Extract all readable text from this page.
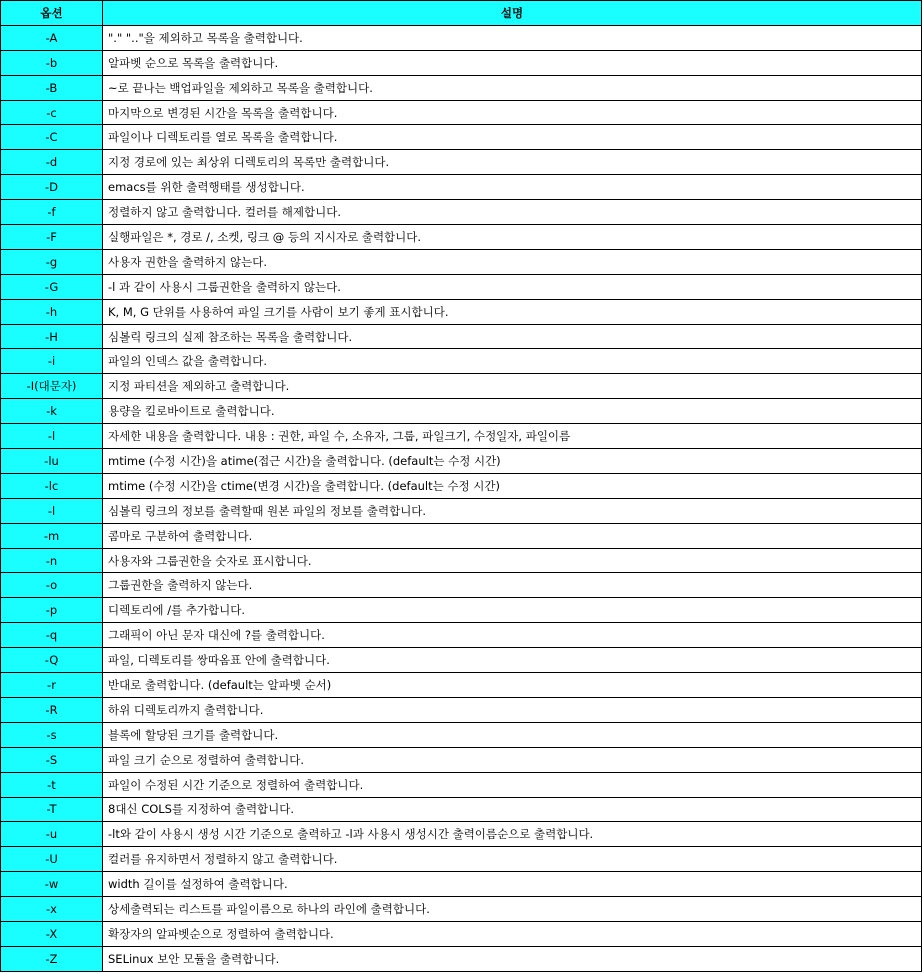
옵션	설명
-A	"." ".."을 제외하고 목록을 출력합니다.
-b	알파벳 순으로 목록을 출력합니다.
-B	~로 끝나는 백업파일을 제외하고 목록을 출력합니다.
-c	마지막으로 변경된 시간을 목록을 출력합니다.
-C	파일이나 디렉토리를 열로 목록을 출력합니다.
-d	지정 경로에 있는 최상위 디렉토리의 목록만 출력합니다.
-D	emacs를 위한 출력행태를 생성합니다.
-f	정렬하지 않고 출력합니다. 컬러를 해제합니다.
-F	실행파일은 *, 경로 /, 소켓, 링크 @ 등의 지시자로 출력합니다.
-g	사용자 권한을 출력하지 않는다.
-G	-l 과 같이 사용시 그룹권한을 출력하지 않는다.
-h	K, M, G 단위를 사용하여 파일 크기를 사람이 보기 좋게 표시합니다.
-H	심볼릭 링크의 실제 참조하는 목록을 출력합니다.
-i	파일의 인덱스 값을 출력합니다.
-I(대문자)	지정 파티션을 제외하고 출력합니다.
-k	용량을 킬로바이트로 출력합니다.
-l	자세한 내용을 출력합니다. 내용 : 권한, 파일 수, 소유자, 그룹, 파일크기, 수정일자, 파일이름
-lu	mtime (수정 시간)을 atime(접근 시간)을 출력합니다. (default는 수정 시간)
-lc	mtime (수정 시간)을 ctime(변경 시간)을 출력합니다. (default는 수정 시간)
-l	심볼릭 링크의 정보를 출력할때 원본 파일의 정보를 출력합니다.
-m	콤마로 구분하여 출력합니다.
-n	사용자와 그룹권한을 숫자로 표시합니다.
-o	그룹권한을 출력하지 않는다.
-p	디렉토리에 /를 추가합니다.
-q	그래픽이 아닌 문자 대신에 ?를 출력합니다.
-Q	파일, 디렉토리를 쌍따옴표 안에 출력합니다.
-r	반대로 출력합니다. (default는 알파벳 순서)
-R	하위 디렉토리까지 출력합니다.
-s	블록에 할당된 크기를 출력합니다.
-S	파일 크기 순으로 정렬하여 출력합니다.
-t	파일이 수정된 시간 기준으로 정렬하여 출력합니다.
-T	8대신 COLS를 지정하여 출력합니다.
-u	-lt와 같이 사용시 생성 시간 기준으로 출력하고 -l과 사용시 생성시간 출력이름순으로 출력합니다.
-U	컬러를 유지하면서 정렬하지 않고 출력합니다.
-w	width 길이를 설정하여 출력합니다.
-x	상세출력되는 리스트를 파일이름으로 하나의 라인에 출력합니다.
-X	확장자의 알파벳순으로 정렬하여 출력합니다.
-Z	SELinux 보안 모듈을 출력합니다.
